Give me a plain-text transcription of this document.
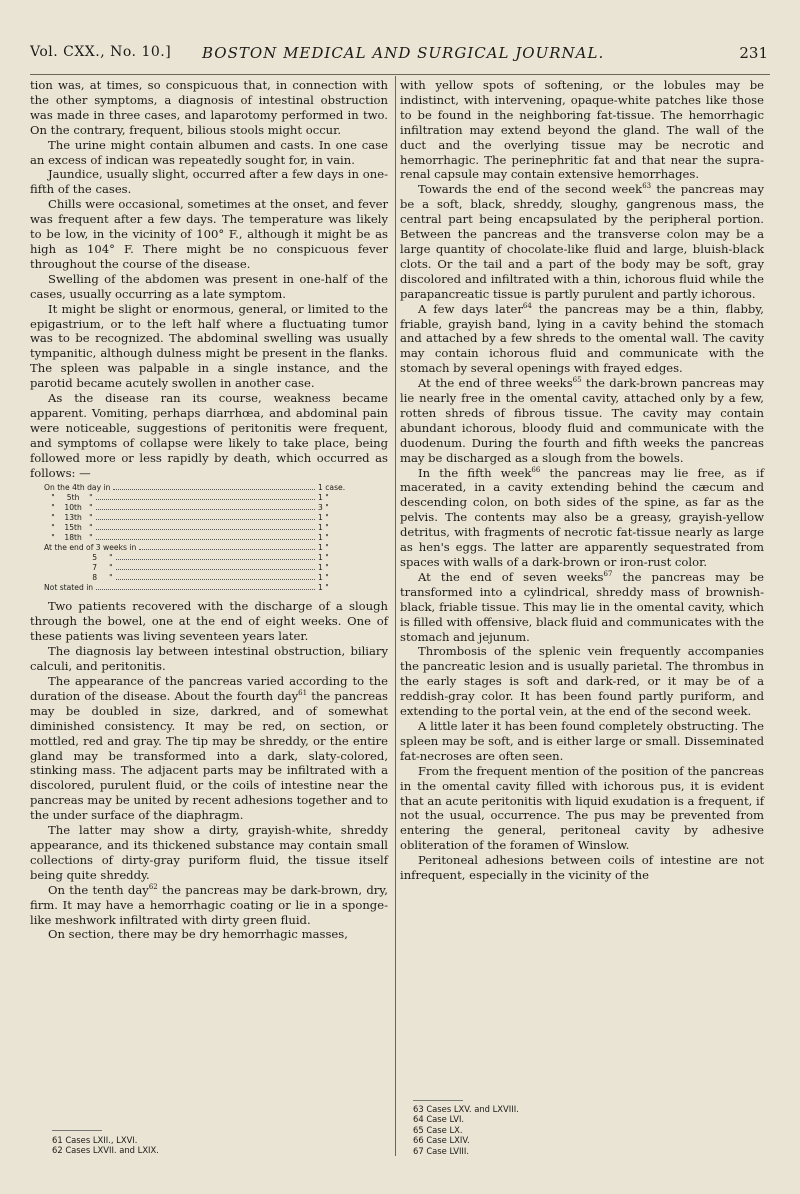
Vol. CXX., No. 10.] BOSTON MEDICAL AND SURGICAL JOURNAL.	231

tion was, at times, so conspicuous that, in connection with the other symptoms, a diagnosis of intestinal obstruction was made in three cases, and laparotomy performed in two. On the contrary, frequent, bilious stools might occur.

The urine might contain albumen and casts. In one case an excess of indican was repeatedly sought for, in vain.

Jaundice, usually slight, occurred after a few days in one-fifth of the cases.

Chills were occasional, sometimes at the onset, and fever was frequent after a few days. The temperature was likely to be low, in the vicinity of 100° F., although it might be as high as 104° F. There might be no conspicuous fever throughout the course of the disease.

Swelling of the abdomen was present in one-half of the cases, usually occurring as a late symptom.

It might be slight or enormous, general, or limited to the epigastrium, or to the left half where a fluctuating tumor was to be recognized. The abdominal swelling was usually tympanitic, although dulness might be present in the flanks. The spleen was palpable in a single instance, and the parotid became acutely swollen in another case.

As the disease ran its course, weakness became apparent. Vomiting, perhaps diarrhœa, and abdominal pain were noticeable, suggestions of peritonitis were frequent, and symptoms of collapse were likely to take place, being followed more or less rapidly by death, which occurred as follows: —

On the 4th day in	1 case.
"     5th    "	1 "
"    10th   "	3 "
"    13th   "	1 "
"    15th   "	1 "
"    18th   "	1 "
At the end of 3 weeks in	1 "
5     "	1 "
7     "	1 "
8     "	1 "
Not stated in	1 "

Two patients recovered with the discharge of a slough through the bowel, one at the end of eight weeks. One of these patients was living seventeen years later.

The diagnosis lay between intestinal obstruction, biliary calculi, and peritonitis.

The appearance of the pancreas varied according to the duration of the disease. About the fourth day$^{61}$ the pancreas may be doubled in size, darkred, and of somewhat diminished consistency. It may be red, on section, or mottled, red and gray. The tip may be shreddy, or the entire gland may be transformed into a dark, slaty-colored, stinking mass. The adjacent parts may be infiltrated with a discolored, purulent fluid, or the coils of intestine near the pancreas may be united by recent adhesions together and to the under surface of the diaphragm.

The latter may show a dirty, grayish-white, shreddy appearance, and its thickened substance may contain small collections of dirty-gray puriform fluid, the tissue itself being quite shreddy.

On the tenth day$^{62}$ the pancreas may be dark-brown, dry, firm. It may have a hemorrhagic coating or lie in a sponge-like meshwork infiltrated with dirty green fluid.

On section, there may be dry hemorrhagic masses,

with yellow spots of softening, or the lobules may be indistinct, with intervening, opaque-white patches like those to be found in the neighboring fat-tissue. The hemorrhagic infiltration may extend beyond the gland. The wall of the duct and the overlying tissue may be necrotic and hemorrhagic. The perinephritic fat and that near the supra-renal capsule may contain extensive hemorrhages.

Towards the end of the second week$^{63}$ the pancreas may be a soft, black, shreddy, sloughy, gangrenous mass, the central part being encapsulated by the peripheral portion. Between the pancreas and the transverse colon may be a large quantity of chocolate-like fluid and large, bluish-black clots. Or the tail and a part of the body may be soft, gray discolored and infiltrated with a thin, ichorous fluid while the parapancreatic tissue is partly purulent and partly ichorous.

A few days later$^{64}$ the pancreas may be a thin, flabby, friable, grayish band, lying in a cavity behind the stomach and attached by a few shreds to the omental wall. The cavity may contain ichorous fluid and communicate with the stomach by several openings with frayed edges.

At the end of three weeks$^{65}$ the dark-brown pancreas may lie nearly free in the omental cavity, attached only by a few, rotten shreds of fibrous tissue. The cavity may contain abundant ichorous, bloody fluid and communicate with the duodenum. During the fourth and fifth weeks the pancreas may be discharged as a slough from the bowels.

In the fifth week$^{66}$ the pancreas may lie free, as if macerated, in a cavity extending behind the cæcum and descending colon, on both sides of the spine, as far as the pelvis. The contents may also be a greasy, grayish-yellow detritus, with fragments of necrotic fat-tissue nearly as large as hen's eggs. The latter are apparently sequestrated from spaces with walls of a dark-brown or iron-rust color.

At the end of seven weeks$^{67}$ the pancreas may be transformed into a cylindrical, shreddy mass of brownish-black, friable tissue. This may lie in the omental cavity, which is filled with offensive, black fluid and communicates with the stomach and jejunum.

Thrombosis of the splenic vein frequently accompanies the pancreatic lesion and is usually parietal. The thrombus in the early stages is soft and dark-red, or it may be of a reddish-gray color. It has been found partly puriform, and extending to the portal vein, at the end of the second week.

A little later it has been found completely obstructing. The spleen may be soft, and is either large or small. Disseminated fat-necroses are often seen.

From the frequent mention of the position of the pancreas in the omental cavity filled with ichorous pus, it is evident that an acute peritonitis with liquid exudation is a frequent, if not the usual, occurrence. The pus may be prevented from entering the general, peritoneal cavity by adhesive obliteration of the foramen of Winslow.

Peritoneal adhesions between coils of intestine are not infrequent, especially in the vicinity of the

61 Cases LXII., LXVI.
62 Cases LXVII. and LXIX.
63 Cases LXV. and LXVIII.
64 Case LVI.
65 Case LX.
66 Case LXIV.
67 Case LVIII.
